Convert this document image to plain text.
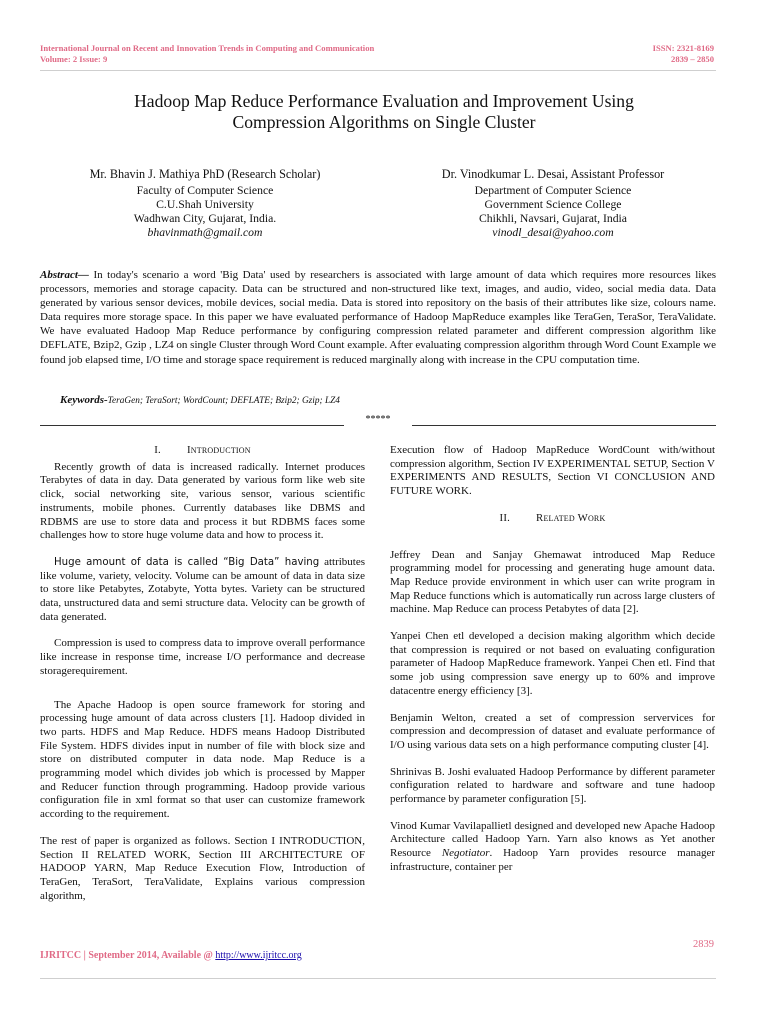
International Journal on Recent and Innovation Trends in Computing and Communication
Volume: 2 Issue: 9
ISSN: 2321-8169
2839 – 2850
Hadoop Map Reduce Performance Evaluation and Improvement Using
Compression Algorithms on Single Cluster
Mr. Bhavin J. Mathiya PhD (Research Scholar)
Faculty of Computer Science
C.U.Shah University
Wadhwan City, Gujarat, India.
bhavinmath@gmail.com
Dr. Vinodkumar L. Desai, Assistant Professor
Department of Computer Science
Government Science College
Chikhli, Navsari, Gujarat, India
vinodl_desai@yahoo.com
Abstract— In today's scenario a word 'Big Data' used by researchers is associated with large amount of data which requires more resources likes processors, memories and storage capacity. Data can be structured and non-structured like text, images, and audio, video, social media data. Data generated by various sensor devices, mobile devices, social media. Data is stored into repository on the basis of their attributes like size, colours name. Data requires more storage space. In this paper we have evaluated performance of Hadoop MapReduce examples like TeraGen, TeraSor, TeraValidate. We have evaluated Hadoop Map Reduce performance by configuring compression related parameter and different compression algorithm like DEFLATE, Bzip2, Gzip , LZ4 on single Cluster through Word Count example. After evaluating compression algorithm through Word Count Example we found job elapsed time, I/O time and storage space requirement is reduced marginally along with increase in the CPU computation time.
Keywords-TeraGen; TeraSort; WordCount; DEFLATE; Bzip2; Gzip; LZ4
*****
I. Introduction

Recently growth of data is increased radically. Internet produces Terabytes of data in day. Data generated by various form like web site click, social networking site, various sensor, various scientific instruments, mobile phones. Currently databases like DBMS and RDBMS are use to store data and process it but RDBMS faces some challenges how to store huge volume data and how to process it.

Huge amount of data is called “Big Data” having attributes like volume, variety, velocity. Volume can be amount of data in data size to store like Petabytes, Zotabyte, Yotta bytes. Variety can be structured data, unstructured data and semi structure data. Velocity can be growth of data generated.

Compression is used to compress data to improve overall performance like increase in response time, increase I/O performance and decrease storagerequirement.

The Apache Hadoop is open source framework for storing and processing huge amount of data across clusters [1]. Hadoop divided in two parts. HDFS and Map Reduce. HDFS means Hadoop Distributed File System. HDFS divides input in number of file with block size and store on distributed computer in data node. Map Reduce is a programming model which divides job which is processed by Mapper and Reducer function through programming. Hadoop provide various configuration file in xml format so that user can customize framework according to the requirement.

The rest of paper is organized as follows. Section I INTRODUCTION, Section II RELATED WORK, Section III ARCHITECTURE OF HADOOP YARN, Map Reduce Execution Flow, Introduction of TeraGen, TeraSort, TeraValidate, Explains various compression algorithm,

Execution flow of Hadoop MapReduce WordCount with/without compression algorithm, Section IV EXPERIMENTAL SETUP, Section V EXPERIMENTS AND RESULTS, Section VI CONCLUSION AND FUTURE WORK.

II. Related Work

Jeffrey Dean and Sanjay Ghemawat introduced Map Reduce programming model for processing and generating huge amount data. Map Reduce provide environment in which user can write program in Map Reduce functions which is automatically run across large clusters of machine. Map Reduce can process Petabytes of data [2].

Yanpei Chen etl developed a decision making algorithm which decide that compression is required or not based on evaluating configuration parameter of Hadoop MapReduce framework. Yanpei Chen etl. Find that some job using compression save energy up to 60% and improve datacentre energy efficiency [3].

Benjamin Welton, created a set of compression servervices for compression and decompression of dataset and evaluate performance of I/O using various data sets on a high performance computing cluster [4].

Shrinivas B. Joshi evaluated Hadoop Performance by different parameter configuration related to hardware and software and tune hadoop performance by parameter configuration [5].

Vinod Kumar Vavilapallietl designed and developed new Apache Hadoop Architecture called Hadoop Yarn. Yarn also knows as Yet another Resource Negotiator. Hadoop Yarn provides resource manager infrastructure, container per

2839
IJRITCC | September 2014, Available @ http://www.ijritcc.org
